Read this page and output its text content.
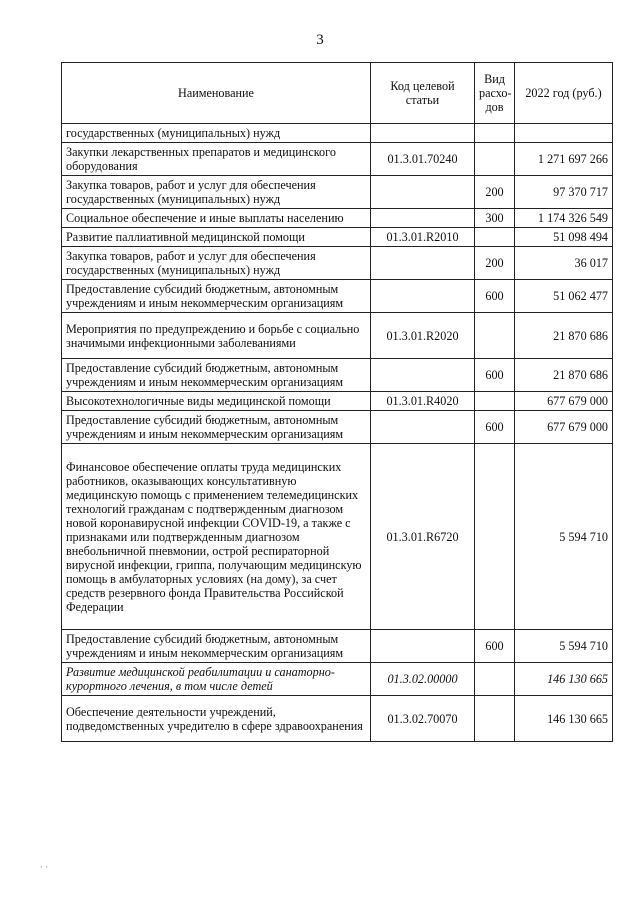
3
Наименование	Код целевой статьи	Вид расхо-дов	2022 год (руб.)
государственных (муниципальных) нужд			
Закупки лекарственных препаратов и медицинского оборудования	01.3.01.70240		1 271 697 266
Закупка товаров, работ и услуг для обеспечения государственных (муниципальных) нужд		200	97 370 717
Социальное обеспечение и иные выплаты населению		300	1 174 326 549
Развитие паллиативной медицинской помощи	01.3.01.R2010		51 098 494
Закупка товаров, работ и услуг для обеспечения государственных (муниципальных) нужд		200	36 017
Предоставление субсидий бюджетным, автономным учреждениям и иным некоммерческим организациям		600	51 062 477
Мероприятия по предупреждению и борьбе с социально значимыми инфекционными заболеваниями	01.3.01.R2020		21 870 686
Предоставление субсидий бюджетным, автономным учреждениям и иным некоммерческим организациям		600	21 870 686
Высокотехнологичные виды медицинской помощи	01.3.01.R4020		677 679 000
Предоставление субсидий бюджетным, автономным учреждениям и иным некоммерческим организациям		600	677 679 000
Финансовое обеспечение оплаты труда медицинских работников, оказывающих консультативную медицинскую помощь с применением телемедицинских технологий гражданам с подтвержденным диагнозом новой коронавирусной инфекции COVID-19, а также с признаками или подтвержденным диагнозом внебольничной пневмонии, острой респираторной вирусной инфекции, гриппа, получающим медицинскую помощь в амбулаторных условиях (на дому), за счет средств резервного фонда Правительства Российской Федерации	01.3.01.R6720		5 594 710
Предоставление субсидий бюджетным, автономным учреждениям и иным некоммерческим организациям		600	5 594 710
Развитие медицинской реабилитации и санаторно-курортного лечения, в том числе детей	01.3.02.00000		146 130 665
Обеспечение деятельности учреждений, подведомственных учредителю в сфере здравоохранения	01.3.02.70070		146 130 665
· ·
